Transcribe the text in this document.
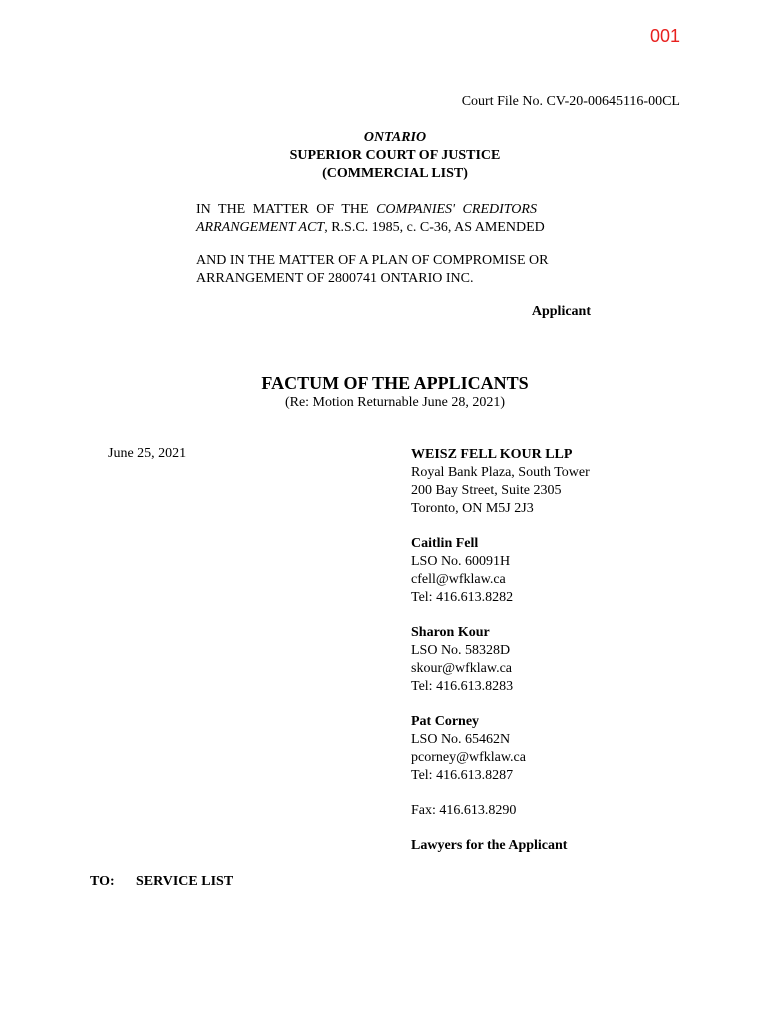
001
Court File No. CV-20-00645116-00CL
ONTARIO
SUPERIOR COURT OF JUSTICE
(COMMERCIAL LIST)
IN THE MATTER OF THE COMPANIES' CREDITORS
ARRANGEMENT ACT, R.S.C. 1985, c. C-36, AS AMENDED
AND IN THE MATTER OF A PLAN OF COMPROMISE OR
ARRANGEMENT OF 2800741 ONTARIO INC.
Applicant
FACTUM OF THE APPLICANTS
(Re: Motion Returnable June 28, 2021)
June 25, 2021	WEISZ FELL KOUR LLP
Royal Bank Plaza, South Tower
200 Bay Street, Suite 2305
Toronto, ON M5J 2J3
Caitlin Fell
LSO No. 60091H
cfell@wfklaw.ca
Tel: 416.613.8282
Sharon Kour
LSO No. 58328D
skour@wfklaw.ca
Tel: 416.613.8283
Pat Corney
LSO No. 65462N
pcorney@wfklaw.ca
Tel: 416.613.8287
Fax: 416.613.8290
Lawyers for the Applicant
TO: SERVICE LIST
